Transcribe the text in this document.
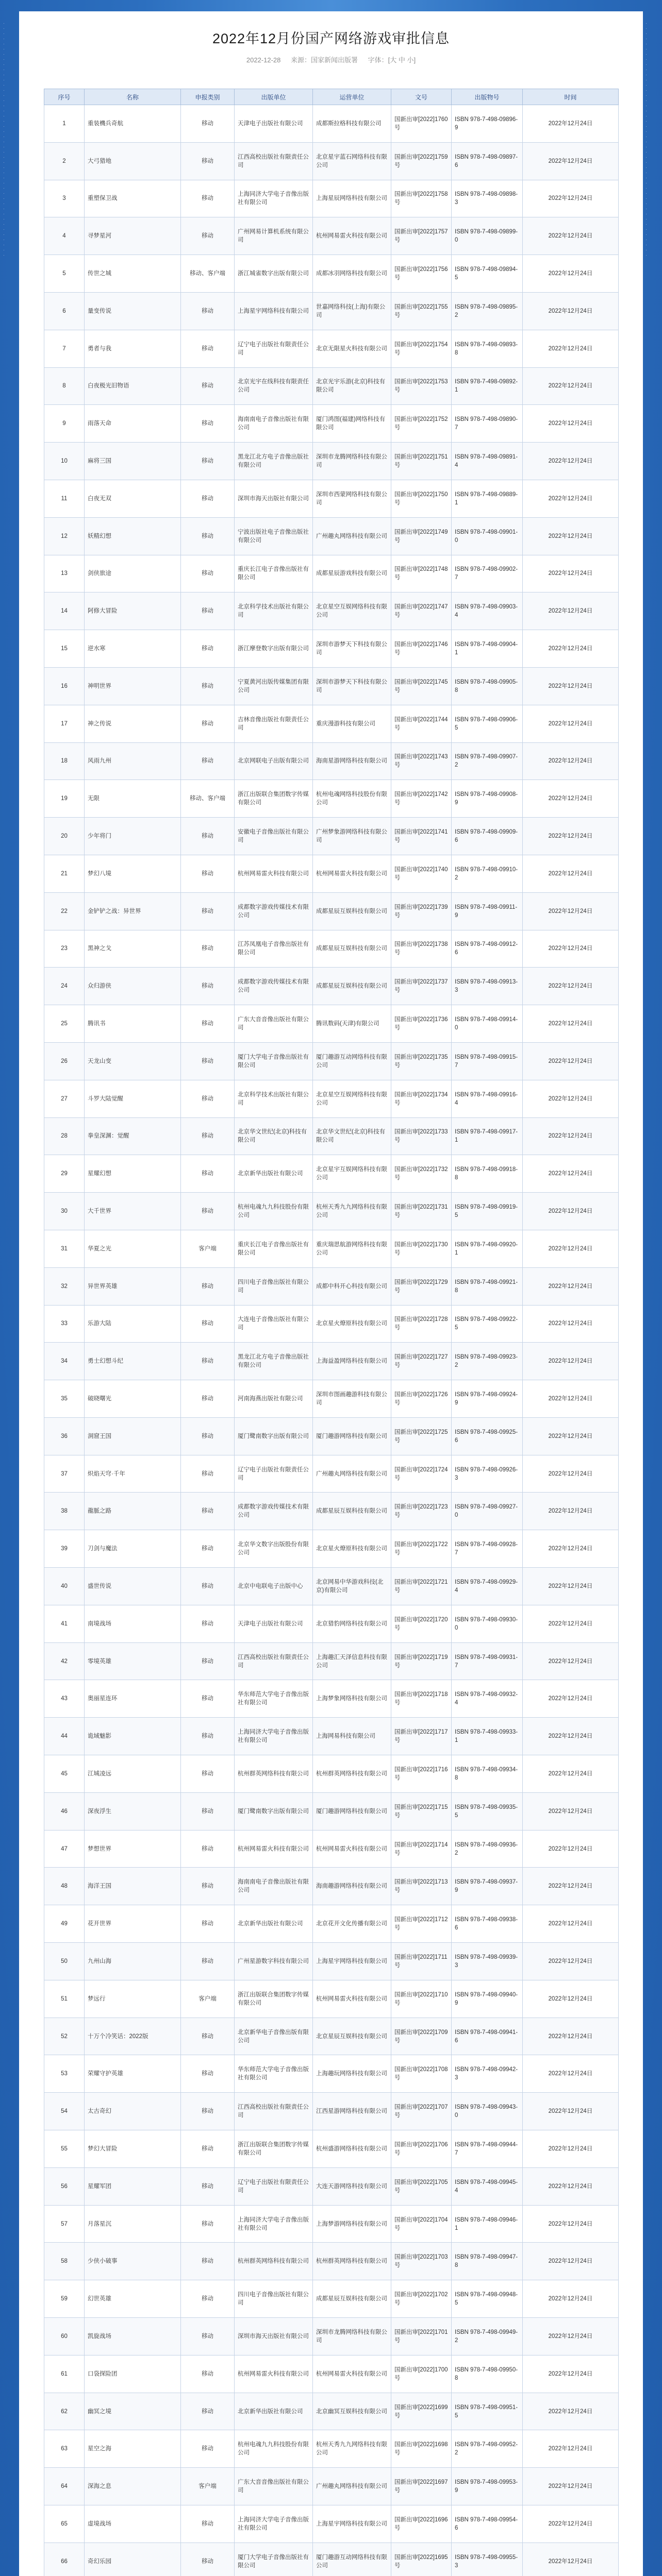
· · · · · · · · · · · · · · · · · · · · · · · · · · · · · · · · · · · · · · · · · · · · · ·
· · · · · · · · · · · · · · · · · · · · · · · · · · · · · · · · · · · · · · · · · · · · · ·
2022年12月份国产网络游戏审批信息
2022-12-28 来源：国家新闻出版署 字体：[大 中 小]
序号	名称	申报类别	出版单位	运营单位	文号	出版物号	时间
1	重装機兵奇航	移动	天津电子出版社有限公司	成都斯拉格科技有限公司	国新出审[2022]1760号	ISBN 978-7-498-09896-9	2022年12月24日
2	大弓猎地	移动	江西高校出版社有限责任公司	北京星宇蓝石网络科技有限公司	国新出审[2022]1759号	ISBN 978-7-498-09897-6	2022年12月24日
3	重塑保卫战	移动	上海同济大学电子音像出版社有限公司	上海星辰网络科技有限公司	国新出审[2022]1758号	ISBN 978-7-498-09898-3	2022年12月24日
4	寻梦星河	移动	广州网易计算机系统有限公司	杭州网易雷火科技有限公司	国新出审[2022]1757号	ISBN 978-7-498-09899-0	2022年12月24日
5	传世之城	移动、客户端	浙江城雀数字出版有限公司	成都冰羽网络科技有限公司	国新出审[2022]1756号	ISBN 978-7-498-09894-5	2022年12月24日
6	量变传说	移动	上海星宇网络科技有限公司	世嘉网络科技(上海)有限公司	国新出审[2022]1755号	ISBN 978-7-498-09895-2	2022年12月24日
7	勇者与我	移动	辽宁电子出版社有限责任公司	北京无限星火科技有限公司	国新出审[2022]1754号	ISBN 978-7-498-09893-8	2022年12月24日
8	白夜极光旧物语	移动	北京光宇在线科技有限责任公司	北京光宇乐游(北京)科技有限公司	国新出审[2022]1753号	ISBN 978-7-498-09892-1	2022年12月24日
9	雨落天命	移动	海南南电子音像出版社有限公司	厦门鸿图(福建)网络科技有限公司	国新出审[2022]1752号	ISBN 978-7-498-09890-7	2022年12月24日
10	麻将三国	移动	黑龙江北方电子音像出版社有限公司	深圳市龙腾网络科技有限公司	国新出审[2022]1751号	ISBN 978-7-498-09891-4	2022年12月24日
11	白夜无双	移动	深圳市海天出版社有限公司	深圳市西蒙网络科技有限公司	国新出审[2022]1750号	ISBN 978-7-498-09889-1	2022年12月24日
12	妖精幻想	移动	宁波出版社电子音像出版社有限公司	广州趣丸网络科技有限公司	国新出审[2022]1749号	ISBN 978-7-498-09901-0	2022年12月24日
13	剑侠旅途	移动	重庆长江电子音像出版社有限公司	成都星辰游戏科技有限公司	国新出审[2022]1748号	ISBN 978-7-498-09902-7	2022年12月24日
14	阿修大冒险	移动	北京科学技术出版社有限公司	北京星空互娱网络科技有限公司	国新出审[2022]1747号	ISBN 978-7-498-09903-4	2022年12月24日
15	逆水寒	移动	浙江摩登数字出版有限公司	深圳市游梦天下科技有限公司	国新出审[2022]1746号	ISBN 978-7-498-09904-1	2022年12月24日
16	神明世界	移动	宁夏黄河出版传媒集团有限公司	深圳市游梦天下科技有限公司	国新出审[2022]1745号	ISBN 978-7-498-09905-8	2022年12月24日
17	神之传说	移动	吉林音像出版社有限责任公司	重庆漫游科技有限公司	国新出审[2022]1744号	ISBN 978-7-498-09906-5	2022年12月24日
18	风雨九州	移动	北京网联电子出版有限公司	海南星游网络科技有限公司	国新出审[2022]1743号	ISBN 978-7-498-09907-2	2022年12月24日
19	无限	移动、客户端	浙江出版联合集团数字传媒有限公司	杭州电魂网络科技股份有限公司	国新出审[2022]1742号	ISBN 978-7-498-09908-9	2022年12月24日
20	少年将门	移动	安徽电子音像出版社有限公司	广州梦象游网络科技有限公司	国新出审[2022]1741号	ISBN 978-7-498-09909-6	2022年12月24日
21	梦幻八境	移动	杭州网易雷火科技有限公司	杭州网易雷火科技有限公司	国新出审[2022]1740号	ISBN 978-7-498-09910-2	2022年12月24日
22	金铲铲之战：异世界	移动	成都数字游戏传媒技术有限公司	成都星辰互娱科技有限公司	国新出审[2022]1739号	ISBN 978-7-498-09911-9	2022年12月24日
23	黑神之戈	移动	江苏凤凰电子音像出版社有限公司	成都星辰互娱科技有限公司	国新出审[2022]1738号	ISBN 978-7-498-09912-6	2022年12月24日
24	众归游侠	移动	成都数字游戏传媒技术有限公司	成都星辰互娱科技有限公司	国新出审[2022]1737号	ISBN 978-7-498-09913-3	2022年12月24日
25	腾讯书	移动	广东大音音像出版社有限公司	腾讯数码(天津)有限公司	国新出审[2022]1736号	ISBN 978-7-498-09914-0	2022年12月24日
26	天龙山变	移动	厦门大学电子音像出版社有限公司	厦门趣游互动网络科技有限公司	国新出审[2022]1735号	ISBN 978-7-498-09915-7	2022年12月24日
27	斗罗大陆觉醒	移动	北京科学技术出版社有限公司	北京星空互娱网络科技有限公司	国新出审[2022]1734号	ISBN 978-7-498-09916-4	2022年12月24日
28	拳皇深渊：觉醒	移动	北京华文世纪(北京)科技有限公司	北京华文世纪(北京)科技有限公司	国新出审[2022]1733号	ISBN 978-7-498-09917-1	2022年12月24日
29	星耀幻想	移动	北京新华出版社有限公司	北京星宇互娱网络科技有限公司	国新出审[2022]1732号	ISBN 978-7-498-09918-8	2022年12月24日
30	大千世界	移动	杭州电魂九九科技股份有限公司	杭州天秀九九网络科技有限公司	国新出审[2022]1731号	ISBN 978-7-498-09919-5	2022年12月24日
31	华夏之光	客户端	重庆长江电子音像出版社有限公司	重庆瑞思航游网络科技有限公司	国新出审[2022]1730号	ISBN 978-7-498-09920-1	2022年12月24日
32	异世界英雄	移动	四川电子音像出版社有限公司	成都中科开心科技有限公司	国新出审[2022]1729号	ISBN 978-7-498-09921-8	2022年12月24日
33	乐游大陆	移动	大连电子音像出版社有限公司	北京星火燎原科技有限公司	国新出审[2022]1728号	ISBN 978-7-498-09922-5	2022年12月24日
34	勇士幻想斗纪	移动	黑龙江北方电子音像出版社有限公司	上海益盈网络科技有限公司	国新出审[2022]1727号	ISBN 978-7-498-09923-2	2022年12月24日
35	破晓曙光	移动	河南海燕出版社有限公司	深圳市图画趣游科技有限公司	国新出审[2022]1726号	ISBN 978-7-498-09924-9	2022年12月24日
36	洞窟王国	移动	厦门鹭南数字出版有限公司	厦门趣游网络科技有限公司	国新出审[2022]1725号	ISBN 978-7-498-09925-6	2022年12月24日
37	炽焰天穹·千年	移动	辽宁电子出版社有限责任公司	广州趣丸网络科技有限公司	国新出审[2022]1724号	ISBN 978-7-498-09926-3	2022年12月24日
38	龍脈之路	移动	成都数字游戏传媒技术有限公司	成都星辰互娱科技有限公司	国新出审[2022]1723号	ISBN 978-7-498-09927-0	2022年12月24日
39	刀剑与魔法	移动	北京华文数字出版股份有限公司	北京星火燎原科技有限公司	国新出审[2022]1722号	ISBN 978-7-498-09928-7	2022年12月24日
40	盛世传说	移动	北京中电联电子出版中心	北京网易中华游戏科技(北京)有限公司	国新出审[2022]1721号	ISBN 978-7-498-09929-4	2022年12月24日
41	南境战场	移动	天津电子出版社有限公司	北京猎豹网络科技有限公司	国新出审[2022]1720号	ISBN 978-7-498-09930-0	2022年12月24日
42	零境英雄	移动	江西高校出版社有限责任公司	上海趣汇天泽信息科技有限公司	国新出审[2022]1719号	ISBN 978-7-498-09931-7	2022年12月24日
43	奥丽星连环	移动	华东师范大学电子音像出版社有限公司	上海梦象网络科技有限公司	国新出审[2022]1718号	ISBN 978-7-498-09932-4	2022年12月24日
44	诡域魅影	移动	上海同济大学电子音像出版社有限公司	上海网易科技有限公司	国新出审[2022]1717号	ISBN 978-7-498-09933-1	2022年12月24日
45	江城凌远	移动	杭州群英网络科技有限公司	杭州群英网络科技有限公司	国新出审[2022]1716号	ISBN 978-7-498-09934-8	2022年12月24日
46	深夜浮生	移动	厦门鹭南数字出版有限公司	厦门趣游网络科技有限公司	国新出审[2022]1715号	ISBN 978-7-498-09935-5	2022年12月24日
47	梦想世界	移动	杭州网易雷火科技有限公司	杭州网易雷火科技有限公司	国新出审[2022]1714号	ISBN 978-7-498-09936-2	2022年12月24日
48	海洋王国	移动	海南南电子音像出版社有限公司	海南趣游网络科技有限公司	国新出审[2022]1713号	ISBN 978-7-498-09937-9	2022年12月24日
49	花开世界	移动	北京新华出版社有限公司	北京花开文化传播有限公司	国新出审[2022]1712号	ISBN 978-7-498-09938-6	2022年12月24日
50	九州山海	移动	广州星游数字科技有限公司	上海星宇网络科技有限公司	国新出审[2022]1711号	ISBN 978-7-498-09939-3	2022年12月24日
51	梦远行	客户端	浙江出版联合集团数字传媒有限公司	杭州网易雷火科技有限公司	国新出审[2022]1710号	ISBN 978-7-498-09940-9	2022年12月24日
52	十万个冷笑话：2022版	移动	北京新华电子音像出版有限公司	北京星辰互娱科技有限公司	国新出审[2022]1709号	ISBN 978-7-498-09941-6	2022年12月24日
53	荣耀守护英雄	移动	华东师范大学电子音像出版社有限公司	上海趣玩网络科技有限公司	国新出审[2022]1708号	ISBN 978-7-498-09942-3	2022年12月24日
54	太古奇幻	移动	江西高校出版社有限责任公司	江西星游网络科技有限公司	国新出审[2022]1707号	ISBN 978-7-498-09943-0	2022年12月24日
55	梦幻大冒险	移动	浙江出版联合集团数字传媒有限公司	杭州盛游网络科技有限公司	国新出审[2022]1706号	ISBN 978-7-498-09944-7	2022年12月24日
56	星耀军团	移动	辽宁电子出版社有限责任公司	大连天游网络科技有限公司	国新出审[2022]1705号	ISBN 978-7-498-09945-4	2022年12月24日
57	月落星沉	移动	上海同济大学电子音像出版社有限公司	上海梦游网络科技有限公司	国新出审[2022]1704号	ISBN 978-7-498-09946-1	2022年12月24日
58	少侠小破事	移动	杭州群英网络科技有限公司	杭州群英网络科技有限公司	国新出审[2022]1703号	ISBN 978-7-498-09947-8	2022年12月24日
59	幻世英雄	移动	四川电子音像出版社有限公司	成都星辰互娱科技有限公司	国新出审[2022]1702号	ISBN 978-7-498-09948-5	2022年12月24日
60	凯旋战场	移动	深圳市海天出版社有限公司	深圳市龙腾网络科技有限公司	国新出审[2022]1701号	ISBN 978-7-498-09949-2	2022年12月24日
61	口袋探险团	移动	杭州网易雷火科技有限公司	杭州网易雷火科技有限公司	国新出审[2022]1700号	ISBN 978-7-498-09950-8	2022年12月24日
62	幽冥之境	移动	北京新华出版社有限公司	北京幽冥互娱科技有限公司	国新出审[2022]1699号	ISBN 978-7-498-09951-5	2022年12月24日
63	星空之海	移动	杭州电魂九九科技股份有限公司	杭州天秀九九网络科技有限公司	国新出审[2022]1698号	ISBN 978-7-498-09952-2	2022年12月24日
64	深海之息	客户端	广东大音音像出版社有限公司	广州趣丸网络科技有限公司	国新出审[2022]1697号	ISBN 978-7-498-09953-9	2022年12月24日
65	虚境战场	移动	上海同济大学电子音像出版社有限公司	上海星宇网络科技有限公司	国新出审[2022]1696号	ISBN 978-7-498-09954-6	2022年12月24日
66	奇幻乐园	移动	厦门大学电子音像出版社有限公司	厦门趣游互动网络科技有限公司	国新出审[2022]1695号	ISBN 978-7-498-09955-3	2022年12月24日
